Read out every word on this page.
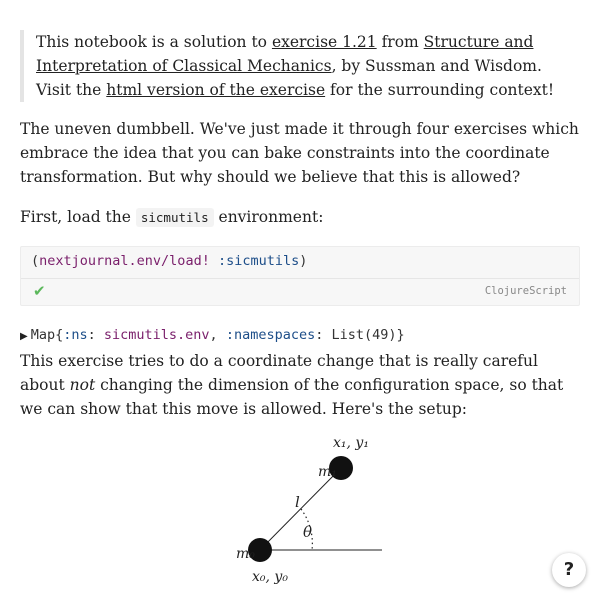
This notebook is a solution to exercise 1.21 from Structure and Interpretation of Classical Mechanics, by Sussman and Wisdom. Visit the html version of the exercise for the surrounding context!
The uneven dumbbell. We've just made it through four exercises which embrace the idea that you can bake constraints into the coordinate transformation. But why should we believe that this is allowed?
First, load the sicmutils environment:
(nextjournal.env/load! :sicmutils)
✔	ClojureScript
▶ Map{:ns: sicmutils.env, :namespaces: List(49)}
This exercise tries to do a coordinate change that is really careful about not changing the dimension of the configuration space, so that we can show that this move is allowed. Here's the setup:
x₁, y₁
m₁
l
θ
m₀
x₀, y₀	?
